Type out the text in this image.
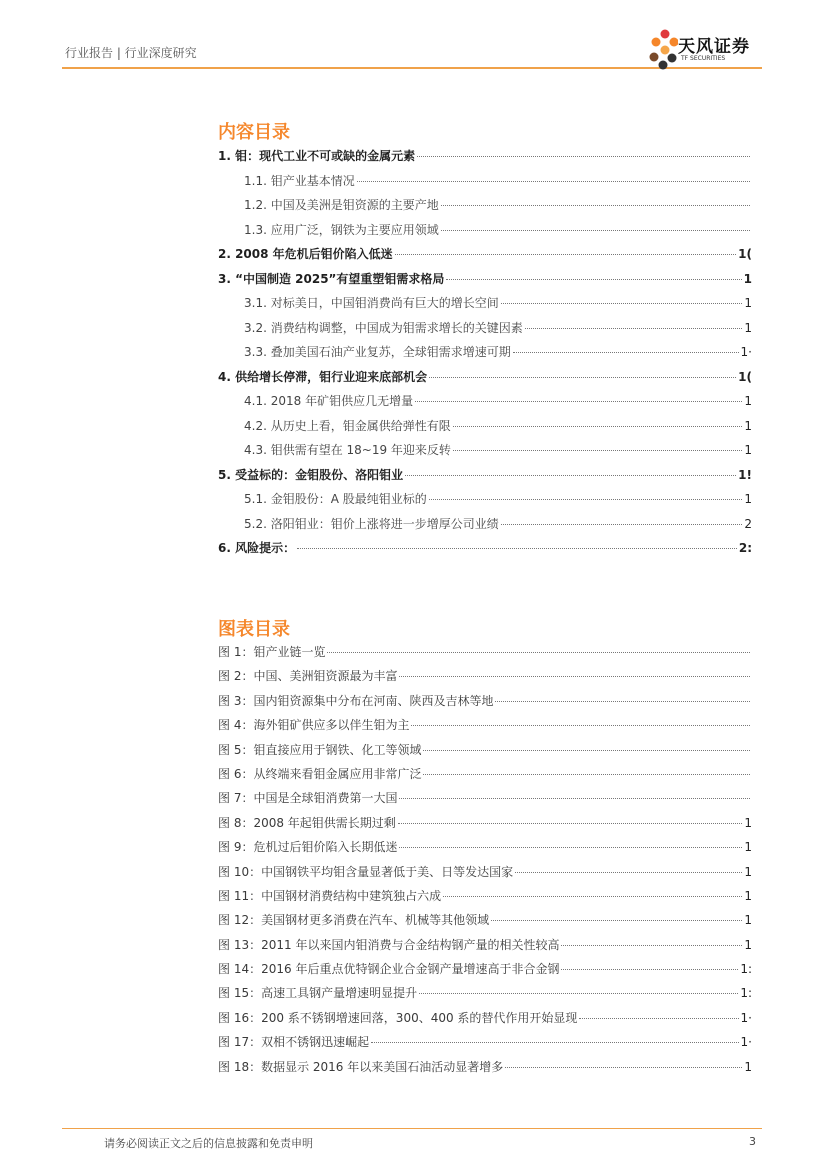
行业报告 | 行业深度研究	天风证券
TF SECURITIES
内容目录
1. 钼：现代工业不可或缺的金属元素
1.1. 钼产业基本情况
1.2. 中国及美洲是钼资源的主要产地
1.3. 应用广泛，钢铁为主要应用领域
2. 2008 年危机后钼价陷入低迷	1(
3. “中国制造 2025”有望重塑钼需求格局	1
3.1. 对标美日，中国钼消费尚有巨大的增长空间	1
3.2. 消费结构调整，中国成为钼需求增长的关键因素	1
3.3. 叠加美国石油产业复苏，全球钼需求增速可期	1·
4. 供给增长停滞，钼行业迎来底部机会	1(
4.1. 2018 年矿钼供应几无增量	1
4.2. 从历史上看，钼金属供给弹性有限	1
4.3. 钼供需有望在 18~19 年迎来反转	1
5. 受益标的：金钼股份、洛阳钼业	1!
5.1. 金钼股份：A 股最纯钼业标的	1
5.2. 洛阳钼业：钼价上涨将进一步增厚公司业绩	2
6. 风险提示：	2:
图表目录
图 1：钼产业链一览
图 2：中国、美洲钼资源最为丰富
图 3：国内钼资源集中分布在河南、陕西及吉林等地
图 4：海外钼矿供应多以伴生钼为主
图 5：钼直接应用于钢铁、化工等领域
图 6：从终端来看钼金属应用非常广泛
图 7：中国是全球钼消费第一大国
图 8：2008 年起钼供需长期过剩	1
图 9：危机过后钼价陷入长期低迷	1
图 10：中国钢铁平均钼含量显著低于美、日等发达国家	1
图 11：中国钢材消费结构中建筑独占六成	1
图 12：美国钢材更多消费在汽车、机械等其他领域	1
图 13：2011 年以来国内钼消费与合金结构钢产量的相关性较高	1
图 14：2016 年后重点优特钢企业合金钢产量增速高于非合金钢	1:
图 15：高速工具钢产量增速明显提升	1:
图 16：200 系不锈钢增速回落，300、400 系的替代作用开始显现	1·
图 17：双相不锈钢迅速崛起	1·
图 18：数据显示 2016 年以来美国石油活动显著增多	1
请务必阅读正文之后的信息披露和免责申明	3
